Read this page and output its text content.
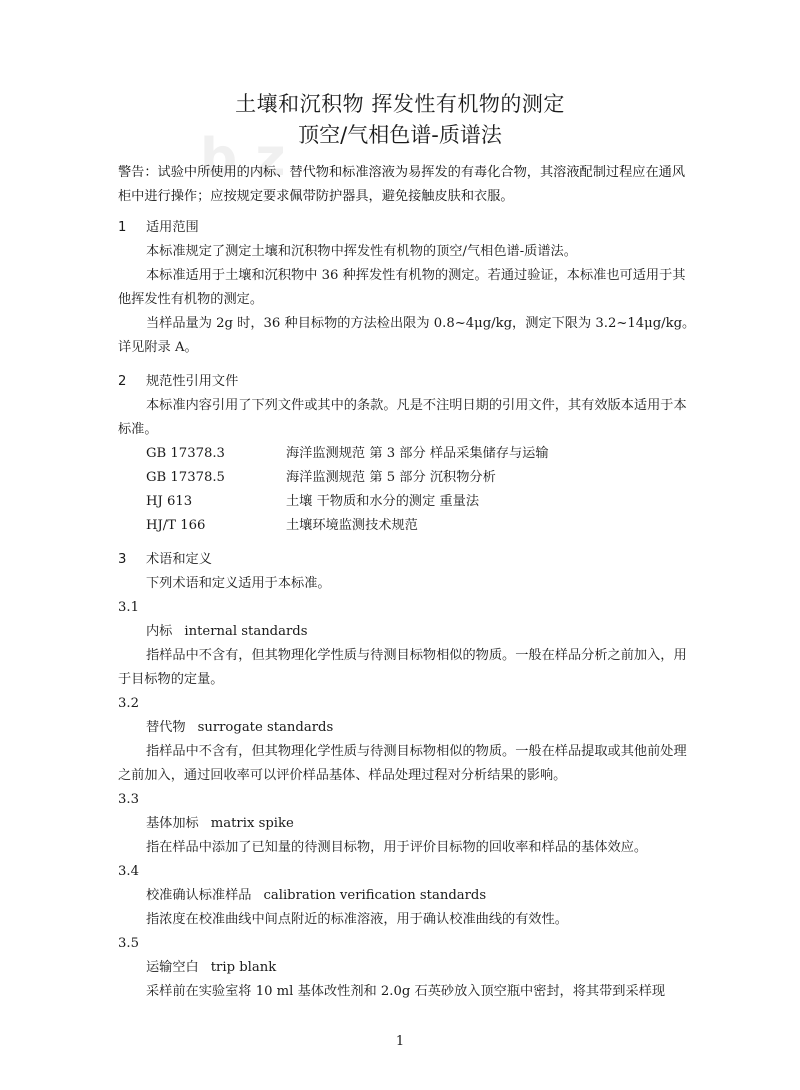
bz
土壤和沉积物 挥发性有机物的测定
顶空/气相色谱-质谱法
警告：试验中所使用的内标、替代物和标准溶液为易挥发的有毒化合物，其溶液配制过程应在通风柜中进行操作；应按规定要求佩带防护器具，避免接触皮肤和衣服。
1 适用范围
本标准规定了测定土壤和沉积物中挥发性有机物的顶空/气相色谱-质谱法。
本标准适用于土壤和沉积物中 36 种挥发性有机物的测定。若通过验证，本标准也可适用于其他挥发性有机物的测定。
当样品量为 2g 时，36 种目标物的方法检出限为 0.8~4μg/kg，测定下限为 3.2~14μg/kg。详见附录 A。
2 规范性引用文件
本标准内容引用了下列文件或其中的条款。凡是不注明日期的引用文件，其有效版本适用于本标准。
GB 17378.3	海洋监测规范 第 3 部分 样品采集储存与运输
GB 17378.5	海洋监测规范 第 5 部分 沉积物分析
HJ 613	土壤 干物质和水分的测定 重量法
HJ/T 166	土壤环境监测技术规范
3 术语和定义
下列术语和定义适用于本标准。
3.1
内标 internal standards
指样品中不含有，但其物理化学性质与待测目标物相似的物质。一般在样品分析之前加入，用于目标物的定量。
3.2
替代物 surrogate standards
指样品中不含有，但其物理化学性质与待测目标物相似的物质。一般在样品提取或其他前处理之前加入，通过回收率可以评价样品基体、样品处理过程对分析结果的影响。
3.3
基体加标 matrix spike
指在样品中添加了已知量的待测目标物，用于评价目标物的回收率和样品的基体效应。
3.4
校准确认标准样品 calibration verification standards
指浓度在校准曲线中间点附近的标准溶液，用于确认校准曲线的有效性。
3.5
运输空白 trip blank
采样前在实验室将 10 ml 基体改性剂和 2.0g 石英砂放入顶空瓶中密封，将其带到采样现
1
